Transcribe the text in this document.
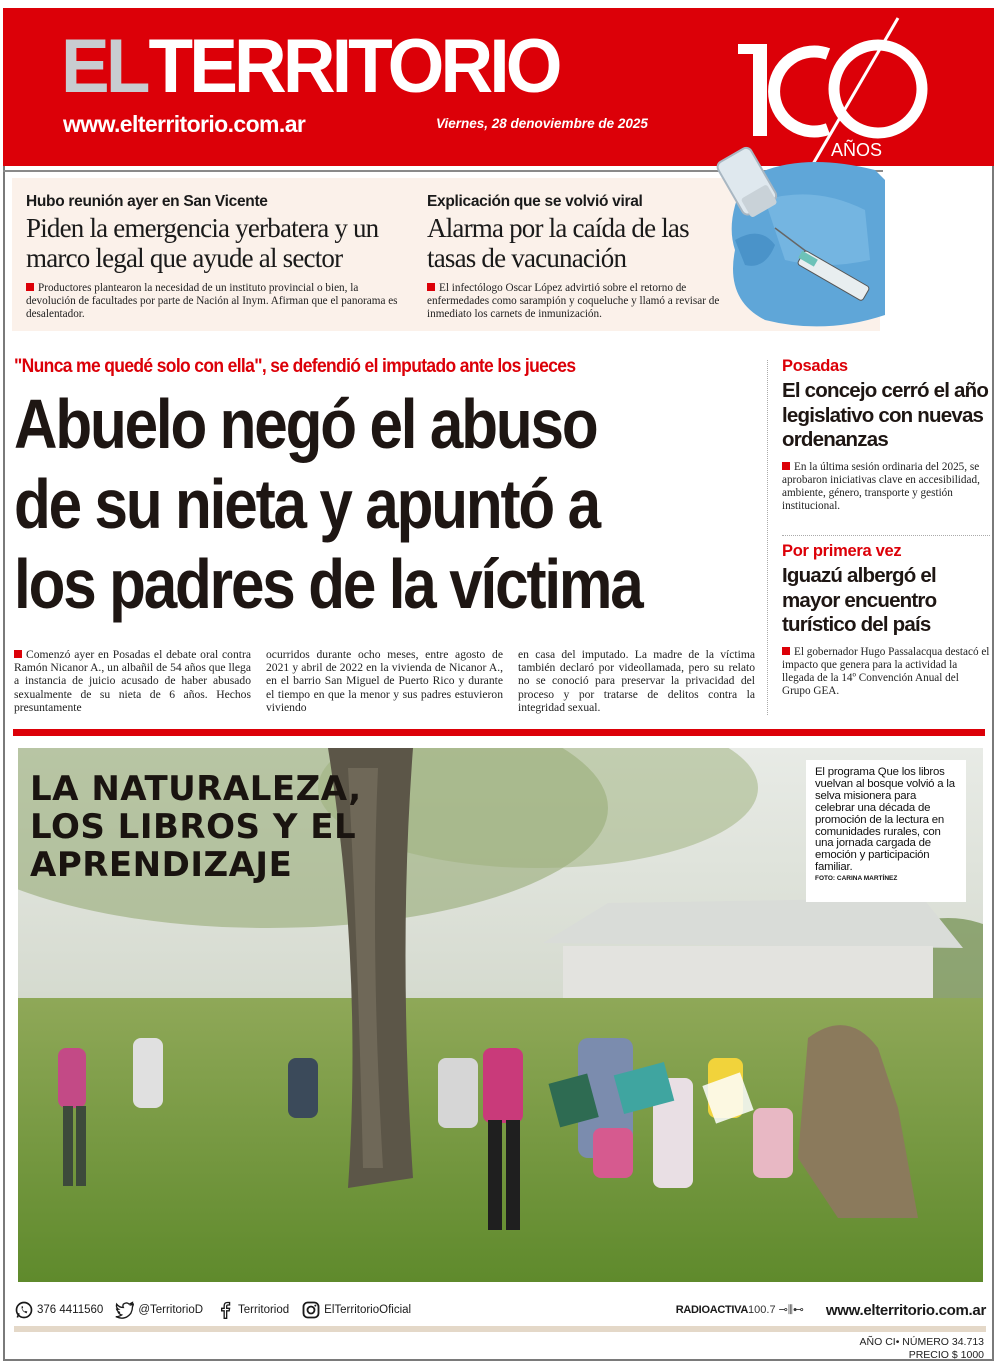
ELTERRITORIO
www.elterritorio.com.ar	Viernes, 28 denoviembre de 2025
AÑOS
Hubo reunión ayer en San Vicente
Piden la emergencia yerbatera y un marco legal que ayude al sector

Productores plantearon la necesidad de un instituto provincial o bien, la devolución de facultades por parte de Nación al Inym. Afirman que el panorama es desalentador.

Explicación que se volvió viral
Alarma por la caída de las tasas de vacunación

El infectólogo Oscar López advirtió sobre el retorno de enfermedades como sarampión y coqueluche y llamó a revisar de inmediato los carnets de inmunización.

"Nunca me quedé solo con ella", se defendió el imputado ante los jueces
Abuelo negó el abuso de su nieta y apuntó a los padres de la víctima

Comenzó ayer en Posadas el debate oral contra Ramón Nicanor A., un albañil de 54 años que llega a instancia de juicio acusado de haber abusado sexualmente de su nieta de 6 años. Hechos presuntamente

ocurridos durante ocho meses, entre agosto de 2021 y abril de 2022 en la vivienda de Nicanor A., en el barrio San Miguel de Puerto Rico y durante el tiempo en que la menor y sus padres estuvieron viviendo

en casa del imputado. La madre de la víctima también declaró por videollamada, pero su relato no se conoció para preservar la privacidad del proceso y por tratarse de delitos contra la integridad sexual.

Posadas
El concejo cerró el año legislativo con nuevas ordenanzas

En la última sesión ordinaria del 2025, se aprobaron iniciativas clave en accesibilidad, ambiente, género, transporte y gestión institucional.

Por primera vez
Iguazú albergó el mayor encuentro turístico del país

El gobernador Hugo Passalacqua destacó el impacto que genera para la actividad la llegada de la 14º Convención Anual del Grupo GEA.

LA NATURALEZA,
LOS LIBROS Y EL
APRENDIZAJE

El programa Que los libros vuelvan al bosque volvió a la selva misionera para celebrar una década de promoción de la lectura en comunidades rurales, con una jornada cargada de emoción y participación familiar.

FOTO: CARINA MARTÍNEZ

376 4411560	@TerritorioD	Territoriod	ElTerritorioOficial	RADIOACTIVA100.7 ⊸⫼⊷ www.elterritorio.com.ar
AÑO CI• NÚMERO 34.713
PRECIO $ 1000
